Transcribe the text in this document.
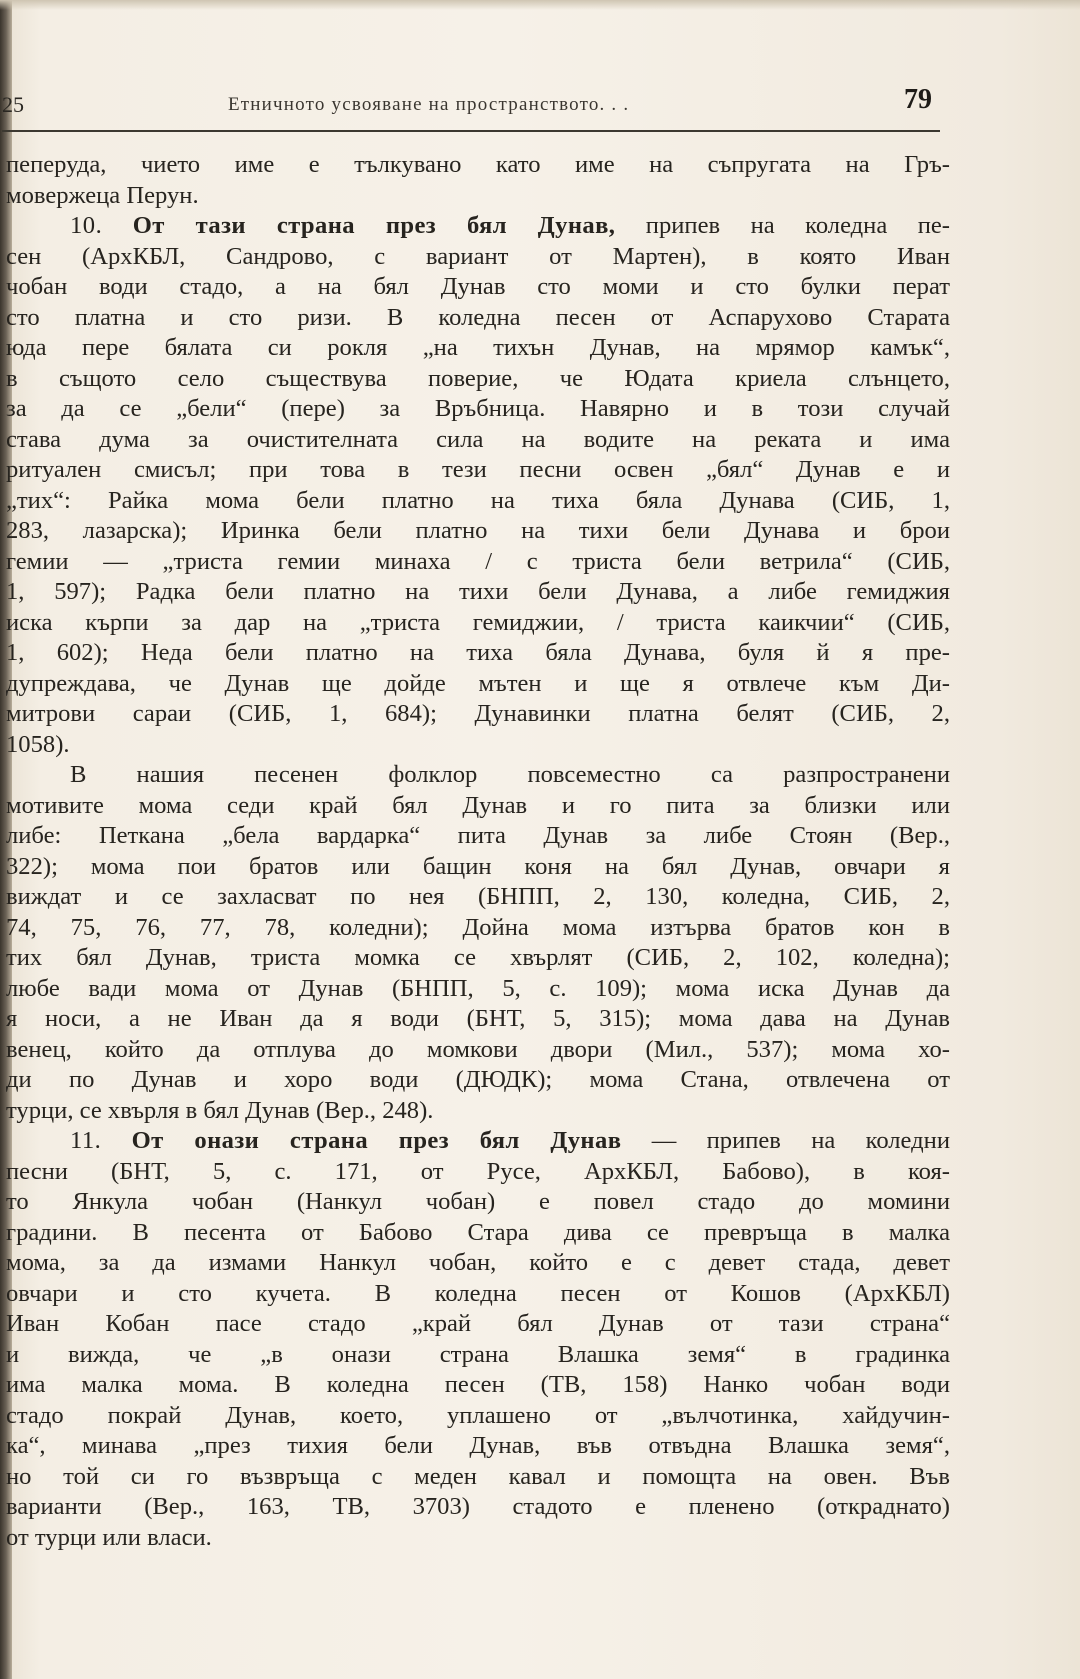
25	Етничното усвояване на пространството. . .	79
пеперуда, чието име е тълкувано като име на съпругата на Гръ-
мовержеца Перун.
10. От тази страна през бял Дунав, припев на коледна пе-
сен (АрхКБЛ, Сандрово, с вариант от Мартен), в която Иван
чобан води стадо, а на бял Дунав сто моми и сто булки перат
сто платна и сто ризи. В коледна песен от Аспарухово Старата
юда пере бялата си рокля „на тихън Дунав, на мрямор камък“,
в същото село съществува поверие, че Юдата криела слънцето,
за да се „бели“ (пере) за Връбница. Навярно и в този случай
става дума за очистителната сила на водите на реката и има
ритуален смисъл; при това в тези песни освен „бял“ Дунав е и
„тих“: Райка мома бели платно на тиха бяла Дунава (СИБ, 1,
283, лазарска); Иринка бели платно на тихи бели Дунава и брои
гемии — „триста гемии минаха / с триста бели ветрила“ (СИБ,
1, 597); Радка бели платно на тихи бели Дунава, а либе гемиджия
иска кърпи за дар на „триста гемиджии, / триста каикчии“ (СИБ,
1, 602); Неда бели платно на тиха бяла Дунава, буля й я пре-
дупреждава, че Дунав ще дойде мътен и ще я отвлече към Ди-
митрови сараи (СИБ, 1, 684); Дунавинки платна белят (СИБ, 2,
1058).
В нашия песенен фолклор повсеместно са разпространени
мотивите мома седи край бял Дунав и го пита за близки или
либе: Петкана „бела вардарка“ пита Дунав за либе Стоян (Вер.,
322); мома пои братов или бащин коня на бял Дунав, овчари я
виждат и се захласват по нея (БНПП, 2, 130, коледна, СИБ, 2,
74, 75, 76, 77, 78, коледни); Дойна мома изтърва братов кон в
тих бял Дунав, триста момка се хвърлят (СИБ, 2, 102, коледна);
любе вади мома от Дунав (БНПП, 5, с. 109); мома иска Дунав да
я носи, а не Иван да я води (БНТ, 5, 315); мома дава на Дунав
венец, който да отплува до момкови двори (Мил., 537); мома хо-
ди по Дунав и хоро води (ДЮДК); мома Стана, отвлечена от
турци, се хвърля в бял Дунав (Вер., 248).
11. От онази страна през бял Дунав — припев на коледни
песни (БНТ, 5, с. 171, от Русе, АрхКБЛ, Бабово), в коя-
то Янкула чобан (Нанкул чобан) е повел стадо до момини
градини. В песента от Бабово Стара дива се превръща в малка
мома, за да измами Нанкул чобан, който е с девет стада, девет
овчари и сто кучета. В коледна песен от Кошов (АрхКБЛ)
Иван Кобан пасе стадо „край бял Дунав от тази страна“
и вижда, че „в онази страна Влашка земя“ в градинка
има малка мома. В коледна песен (ТВ, 158) Нанко чобан води
стадо покрай Дунав, което, уплашено от „вълчотинка, хайдучин-
ка“, минава „през тихия бели Дунав, във отвъдна Влашка земя“,
но той си го възвръща с меден кавал и помощта на овен. Във
варианти (Вер., 163, ТВ, 3703) стадото е пленено (откраднато)
от турци или власи.
